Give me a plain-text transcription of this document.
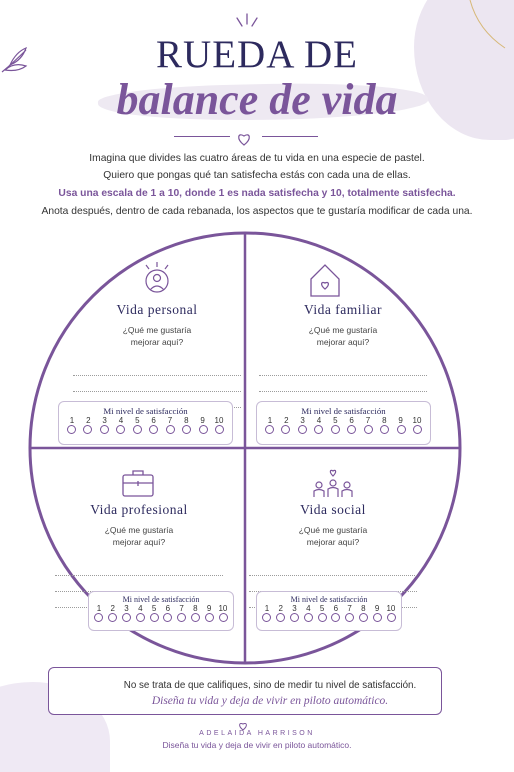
RUEDA DE
balance de vida
Imagina que divides las cuatro áreas de tu vida en una especie de pastel.
Quiero que pongas qué tan satisfecha estás con cada una de ellas.
Usa una escala de 1 a 10, donde 1 es nada satisfecha y 10, totalmente satisfecha.
Anota después, dentro de cada rebanada, los aspectos que te gustaría modificar de cada una.
Vida personal
¿Qué me gustaría mejorar aquí?
Mi nivel de satisfacción
1	2	3	4	5	6	7	8	9	10
Vida familiar
¿Qué me gustaría mejorar aquí?
Mi nivel de satisfacción
1	2	3	4	5	6	7	8	9	10
Vida profesional
¿Qué me gustaría mejorar aquí?
Mi nivel de satisfacción
1	2	3	4	5	6	7	8	9 10
Vida social
¿Qué me gustaría mejorar aquí?
Mi nivel de satisfacción
1	2	3	4	5	6	7	8	9 10
No se trata de que califiques, sino de medir tu nivel de satisfacción.
Diseña tu vida y deja de vivir en piloto automático.
ADELAIDA HARRISON
Diseña tu vida y deja de vivir en piloto automático.
